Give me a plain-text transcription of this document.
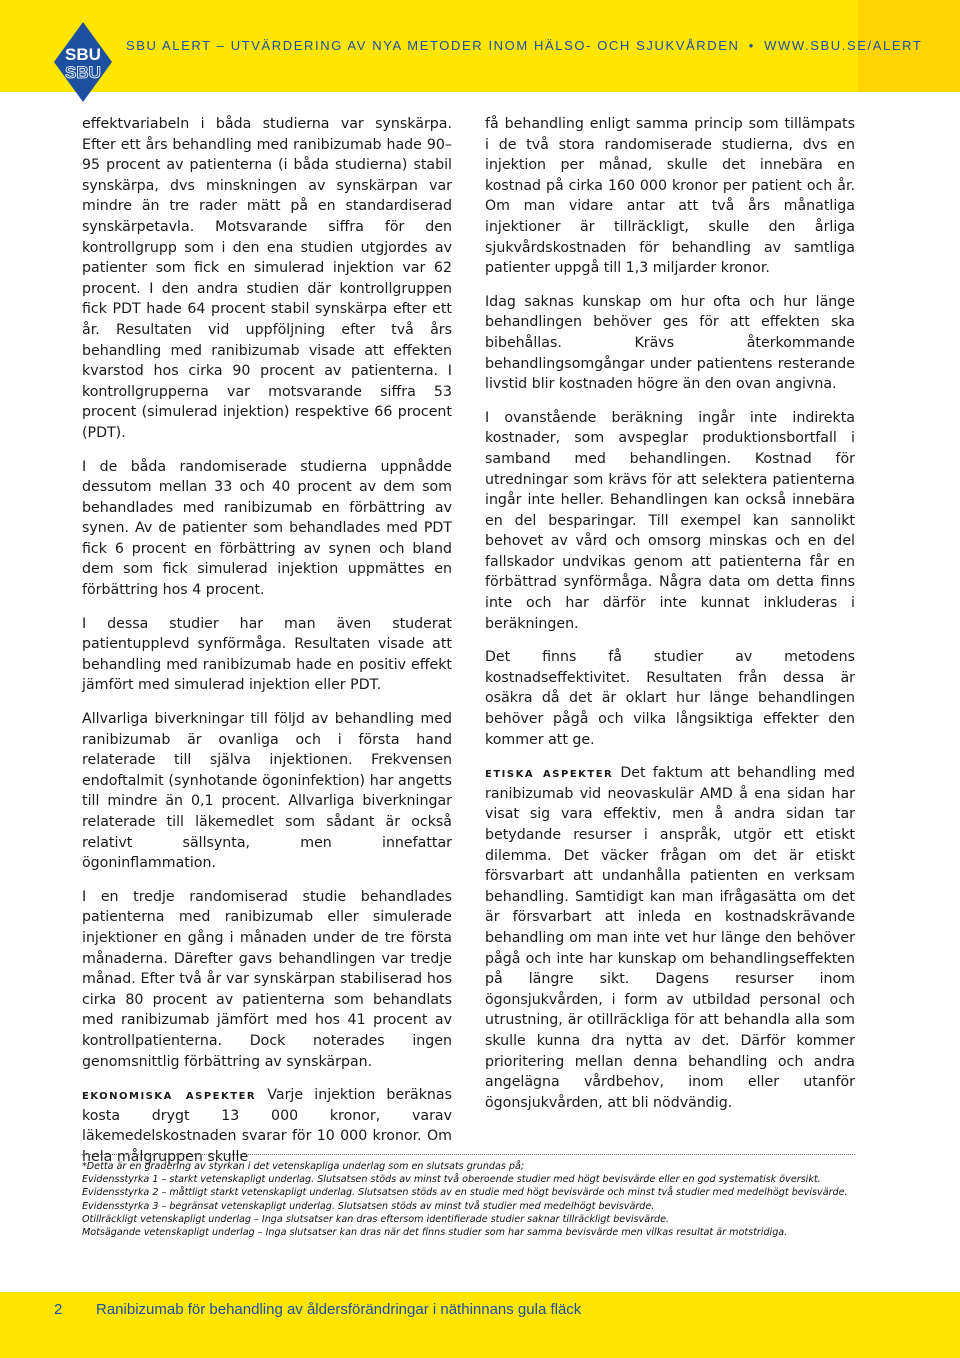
SBU
SBU
SBU ALERT – UTVÄRDERING AV NYA METODER INOM HÄLSO- OCH SJUKVÅRDEN • WWW.SBU.SE/ALERT

effektvariabeln i båda studierna var synskärpa. Efter ett års behandling med ranibizumab hade 90–95 procent av patienterna (i båda studierna) stabil synskärpa, dvs minskningen av synskärpan var mindre än tre rader mätt på en standardiserad synskärpetavla. Motsvarande siffra för den kontrollgrupp som i den ena studien utgjordes av patienter som fick en simulerad injektion var 62 procent. I den andra studien där kontrollgruppen fick PDT hade 64 procent stabil synskärpa efter ett år. Resultaten vid uppföljning efter två års behandling med ranibizumab visade att effekten kvarstod hos cirka 90 procent av patienterna. I kontrollgrupperna var motsvarande siffra 53 procent (simulerad injektion) respektive 66 procent (PDT).

I de båda randomiserade studierna uppnådde dessutom mellan 33 och 40 procent av dem som behandlades med ranibizumab en förbättring av synen. Av de patienter som behandlades med PDT fick 6 procent en förbättring av synen och bland dem som fick simulerad injektion uppmättes en förbättring hos 4 procent.

I dessa studier har man även studerat patientupplevd synförmåga. Resultaten visade att behandling med ranibizumab hade en positiv effekt jämfört med simulerad injektion eller PDT.

Allvarliga biverkningar till följd av behandling med ranibizumab är ovanliga och i första hand relaterade till själva injektionen. Frekvensen endoftalmit (synhotande ögoninfektion) har angetts till mindre än 0,1 procent. Allvarliga biverkningar relaterade till läkemedlet som sådant är också relativt sällsynta, men innefattar ögoninflammation.

I en tredje randomiserad studie behandlades patienterna med ranibizumab eller simulerade injektioner en gång i månaden under de tre första månaderna. Därefter gavs behandlingen var tredje månad. Efter två år var synskärpan stabiliserad hos cirka 80 procent av patienterna som behandlats med ranibizumab jämfört med hos 41 procent av kontrollpatienterna. Dock noterades ingen genomsnittlig förbättring av synskärpan.

ekonomiska aspekter Varje injektion beräknas kosta drygt 13 000 kronor, varav läkemedelskostnaden svarar för 10 000 kronor. Om hela målgruppen skulle

få behandling enligt samma princip som tillämpats i de två stora randomiserade studierna, dvs en injektion per månad, skulle det innebära en kostnad på cirka 160 000 kronor per patient och år. Om man vidare antar att två års månatliga injektioner är tillräckligt, skulle den årliga sjukvårdskostnaden för behandling av samtliga patienter uppgå till 1,3 miljarder kronor.

Idag saknas kunskap om hur ofta och hur länge behandlingen behöver ges för att effekten ska bibehållas. Krävs återkommande behandlingsomgångar under patientens resterande livstid blir kostnaden högre än den ovan angivna.

I ovanstående beräkning ingår inte indirekta kostnader, som avspeglar produktionsbortfall i samband med behandlingen. Kostnad för utredningar som krävs för att selektera patienterna ingår inte heller. Behandlingen kan också innebära en del besparingar. Till exempel kan sannolikt behovet av vård och omsorg minskas och en del fallskador undvikas genom att patienterna får en förbättrad synförmåga. Några data om detta finns inte och har därför inte kunnat inkluderas i beräkningen.

Det finns få studier av metodens kostnadseffektivitet. Resultaten från dessa är osäkra då det är oklart hur länge behandlingen behöver pågå och vilka långsiktiga effekter den kommer att ge.

etiska aspekter Det faktum att behandling med ranibizumab vid neovaskulär AMD å ena sidan har visat sig vara effektiv, men å andra sidan tar betydande resurser i anspråk, utgör ett etiskt dilemma. Det väcker frågan om det är etiskt försvarbart att undanhålla patienten en verksam behandling. Samtidigt kan man ifrågasätta om det är försvarbart att inleda en kostnadskrävande behandling om man inte vet hur länge den behöver pågå och inte har kunskap om behandlingseffekten på längre sikt. Dagens resurser inom ögonsjukvården, i form av utbildad personal och utrustning, är otillräckliga för att behandla alla som skulle kunna dra nytta av det. Därför kommer prioritering mellan denna behandling och andra angelägna vårdbehov, inom eller utanför ögonsjukvården, att bli nödvändig.

*Detta är en gradering av styrkan i det vetenskapliga underlag som en slutsats grundas på;
Evidensstyrka 1 – starkt vetenskapligt underlag. Slutsatsen stöds av minst två oberoende studier med högt bevisvärde eller en god systematisk översikt.
Evidensstyrka 2 – måttligt starkt vetenskapligt underlag. Slutsatsen stöds av en studie med högt bevisvärde och minst två studier med medelhögt bevisvärde.
Evidensstyrka 3 – begränsat vetenskapligt underlag. Slutsatsen stöds av minst två studier med medelhögt bevisvärde.
Otillräckligt vetenskapligt underlag – Inga slutsatser kan dras eftersom identifierade studier saknar tillräckligt bevisvärde.
Motsägande vetenskapligt underlag – Inga slutsatser kan dras när det finns studier som har samma bevisvärde men vilkas resultat är motstridiga.
2 Ranibizumab för behandling av åldersförändringar i näthinnans gula fläck
